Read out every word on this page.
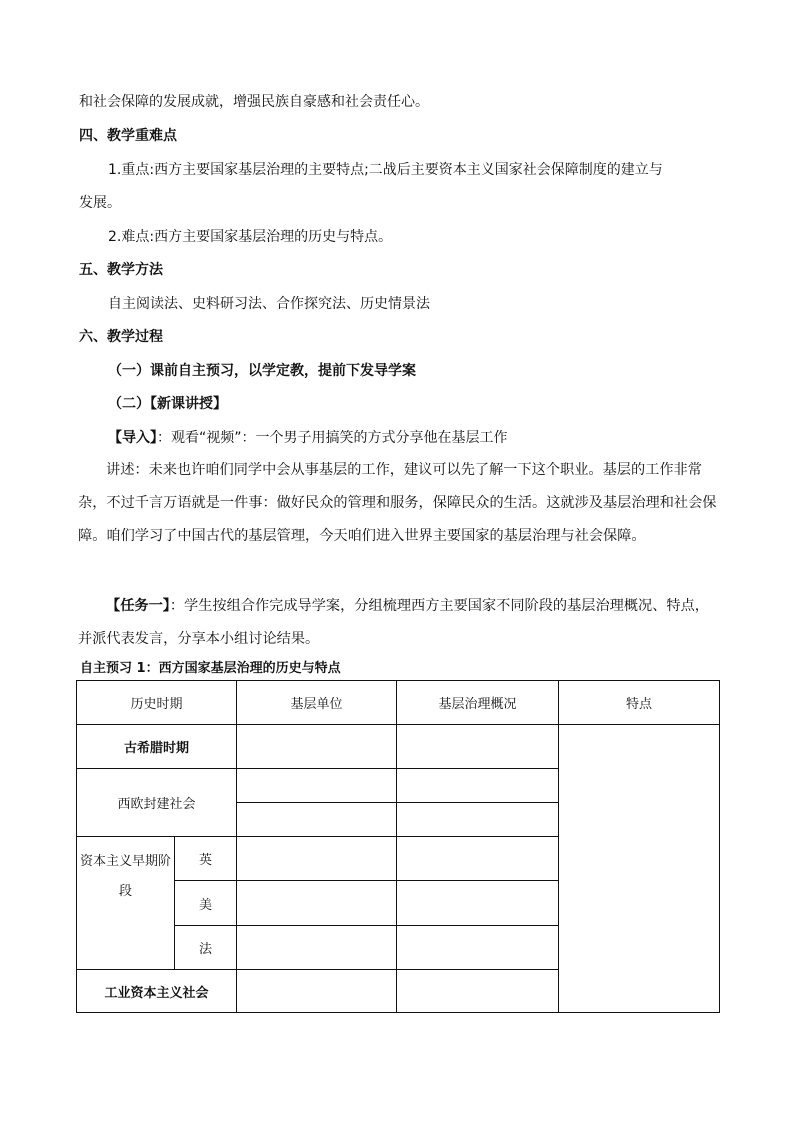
和社会保障的发展成就，增强民族自豪感和社会责任心。

四、教学重难点

1.重点:西方主要国家基层治理的主要特点;二战后主要资本主义国家社会保障制度的建立与

发展。

2.难点:西方主要国家基层治理的历史与特点。

五、教学方法

自主阅读法、史料研习法、合作探究法、历史情景法

六、教学过程

（一）课前自主预习，以学定教，提前下发导学案

（二）【新课讲授】

【导入】：观看“视频”：一个男子用搞笑的方式分享他在基层工作

讲述：未来也许咱们同学中会从事基层的工作，建议可以先了解一下这个职业。基层的工作非常杂，不过千言万语就是一件事：做好民众的管理和服务，保障民众的生活。这就涉及基层治理和社会保障。咱们学习了中国古代的基层管理，今天咱们进入世界主要国家的基层治理与社会保障。

【任务一】：学生按组合作完成导学案，分组梳理西方主要国家不同阶段的基层治理概况、特点，并派代表发言，分享本小组讨论结果。

自主预习 1：西方国家基层治理的历史与特点
历史时期		基层单位	基层治理概况	特点
古希腊时期				
西欧封建社会				

资本主义早期阶段	英			
	美			
	法			
工业资本主义社会				
